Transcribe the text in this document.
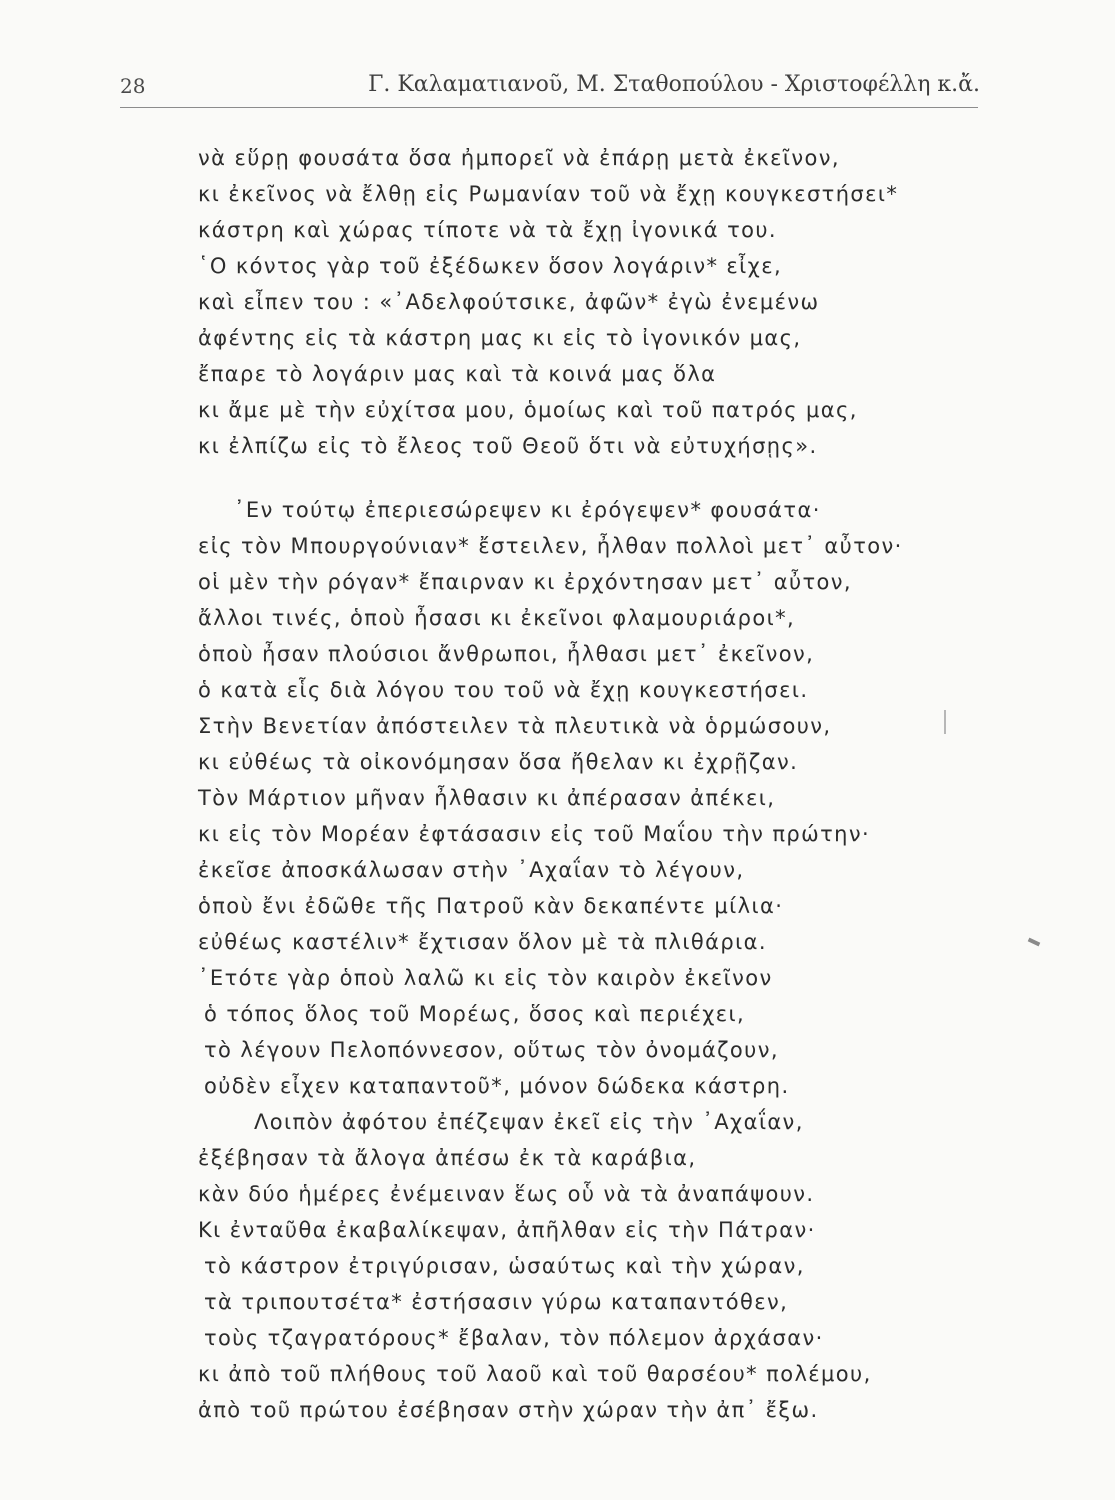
28	Γ. Καλαματιανοῦ, Μ. Σταθοπούλου - Χριστοφέλλη κ.ἄ.
νὰ εὕρῃ φουσάτα ὅσα ἠμπορεῖ νὰ ἐπάρῃ μετὰ ἐκεῖνον,
κι ἐκεῖνος νὰ ἔλθῃ εἰς Ρωμανίαν τοῦ νὰ ἔχῃ κουγκεστήσει*
κάστρη καὶ χώρας τίποτε νὰ τὰ ἔχῃ ἰγονικά του.
῾Ο κόντος γὰρ τοῦ ἐξέδωκεν ὅσον λογάριν* εἶχε,
καὶ εἶπεν του : «᾿Αδελφούτσικε, ἀφῶν* ἐγὼ ἐνεμένω
ἀφέντης εἰς τὰ κάστρη μας κι εἰς τὸ ἰγονικόν μας,
ἔπαρε τὸ λογάριν μας καὶ τὰ κοινά μας ὅλα
κι ἄμε μὲ τὴν εὐχίτσα μου, ὁμοίως καὶ τοῦ πατρός μας,
κι ἐλπίζω εἰς τὸ ἔλεος τοῦ Θεοῦ ὅτι νὰ εὐτυχήσῃς».
᾿Εν τούτῳ ἐπεριεσώρεψεν κι ἐρόγεψεν* φουσάτα·
εἰς τὸν Μπουργούνιαν* ἔστειλεν, ἦλθαν πολλοὶ μετ᾿ αὖτον·
οἱ μὲν τὴν ρόγαν* ἔπαιρναν κι ἐρχόντησαν μετ᾿ αὖτον,
ἄλλοι τινές, ὁποὺ ἦσασι κι ἐκεῖνοι φλαμουριάροι*,
ὁποὺ ἦσαν πλούσιοι ἄνθρωποι, ἦλθασι μετ᾿ ἐκεῖνον,
ὁ κατὰ εἷς διὰ λόγου του τοῦ νὰ ἔχῃ κουγκεστήσει.
Στὴν Βενετίαν ἀπόστειλεν τὰ πλευτικὰ νὰ ὁρμώσουν,
κι εὐθέως τὰ οἰκονόμησαν ὅσα ἤθελαν κι ἐχρῇζαν.
Τὸν Μάρτιον μῆναν ἦλθασιν κι ἀπέρασαν ἀπέκει,
κι εἰς τὸν Μορέαν ἐφτάσασιν εἰς τοῦ Μαΐου τὴν πρώτην·
ἐκεῖσε ἀποσκάλωσαν στὴν ᾿Αχαΐαν τὸ λέγουν,
ὁποὺ ἔνι ἐδῶθε τῆς Πατροῦ κὰν δεκαπέντε μίλια·
εὐθέως καστέλιν* ἔχτισαν ὅλον μὲ τὰ πλιθάρια.
᾿Ετότε γὰρ ὁποὺ λαλῶ κι εἰς τὸν καιρὸν ἐκεῖνον
ὁ τόπος ὅλος τοῦ Μορέως, ὅσος καὶ περιέχει,
τὸ λέγουν Πελοπόννεσον, οὕτως τὸν ὀνομάζουν,
οὐδὲν εἶχεν καταπαντοῦ*, μόνον δώδεκα κάστρη.
Λοιπὸν ἀφότου ἐπέζεψαν ἐκεῖ εἰς τὴν ᾿Αχαΐαν,
ἐξέβησαν τὰ ἄλογα ἀπέσω ἐκ τὰ καράβια,
κὰν δύο ἡμέρες ἐνέμειναν ἕως οὗ νὰ τὰ ἀναπάψουν.
Κι ἐνταῦθα ἐκαβαλίκεψαν, ἀπῆλθαν εἰς τὴν Πάτραν·
τὸ κάστρον ἐτριγύρισαν, ὡσαύτως καὶ τὴν χώραν,
τὰ τριπουτσέτα* ἐστήσασιν γύρω καταπαντόθεν,
τοὺς τζαγρατόρους* ἔβαλαν, τὸν πόλεμον ἀρχάσαν·
κι ἀπὸ τοῦ πλήθους τοῦ λαοῦ καὶ τοῦ θαρσέου* πολέμου,
ἀπὸ τοῦ πρώτου ἐσέβησαν στὴν χώραν τὴν ἀπ᾿ ἔξω.
